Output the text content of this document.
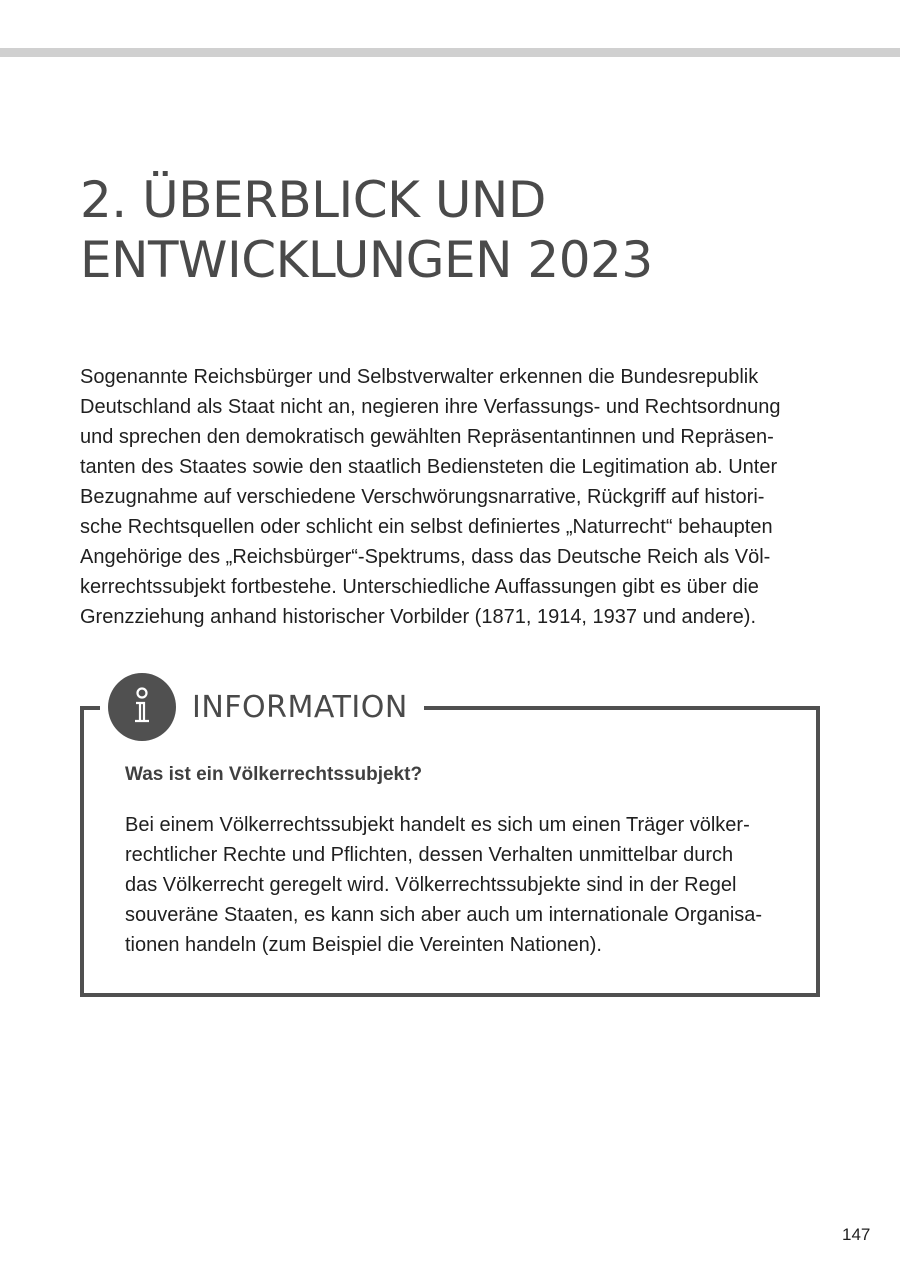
2. ÜBERBLICK UND
ENTWICKLUNGEN 2023

Sogenannte Reichsbürger und Selbstverwalter erkennen die Bundesrepublik
Deutschland als Staat nicht an, negieren ihre Verfassungs- und Rechtsordnung
und sprechen den demokratisch gewählten Repräsentantinnen und Repräsen-
tanten des Staates sowie den staatlich Bediensteten die Legitimation ab. Unter
Bezugnahme auf verschiedene Verschwörungsnarrative, Rückgriff auf histori-
sche Rechtsquellen oder schlicht ein selbst definiertes „Naturrecht“ behaupten
Angehörige des „Reichsbürger“-Spektrums, dass das Deutsche Reich als Völ-
kerrechtssubjekt fortbestehe. Unterschiedliche Auffassungen gibt es über die
Grenzziehung anhand historischer Vorbilder (1871, 1914, 1937 und andere).

INFORMATION

Was ist ein Völkerrechtssubjekt?

Bei einem Völkerrechtssubjekt handelt es sich um einen Träger völker-
rechtlicher Rechte und Pflichten, dessen Verhalten unmittelbar durch
das Völkerrecht geregelt wird. Völkerrechtssubjekte sind in der Regel
souveräne Staaten, es kann sich aber auch um internationale Organisa-
tionen handeln (zum Beispiel die Vereinten Nationen).

147
